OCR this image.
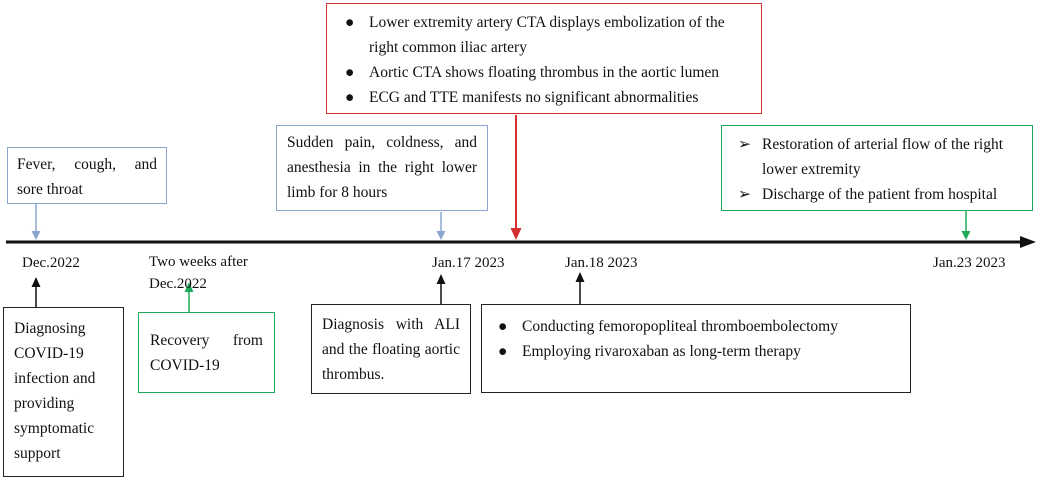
Dec.2022	Two weeks after
Dec.2022
Jan.17 2023	Jan.18 2023	Jan.23 2023
Fever, cough, and sore throat
● Lower extremity artery CTA displays embolization of the right common iliac artery
● Aortic CTA shows floating thrombus in the aortic lumen
● ECG and TTE manifests no significant abnormalities
Sudden pain, coldness, and anesthesia in the right lower limb for 8 hours
➢ Restoration of arterial flow of the right lower extremity
➢ Discharge of the patient from hospital
Diagnosing COVID-19 infection and providing symptomatic support
Recovery from COVID-19
Diagnosis with ALI and the floating aortic thrombus.
● Conducting femoropopliteal thromboembolectomy
● Employing rivaroxaban as long-term therapy
